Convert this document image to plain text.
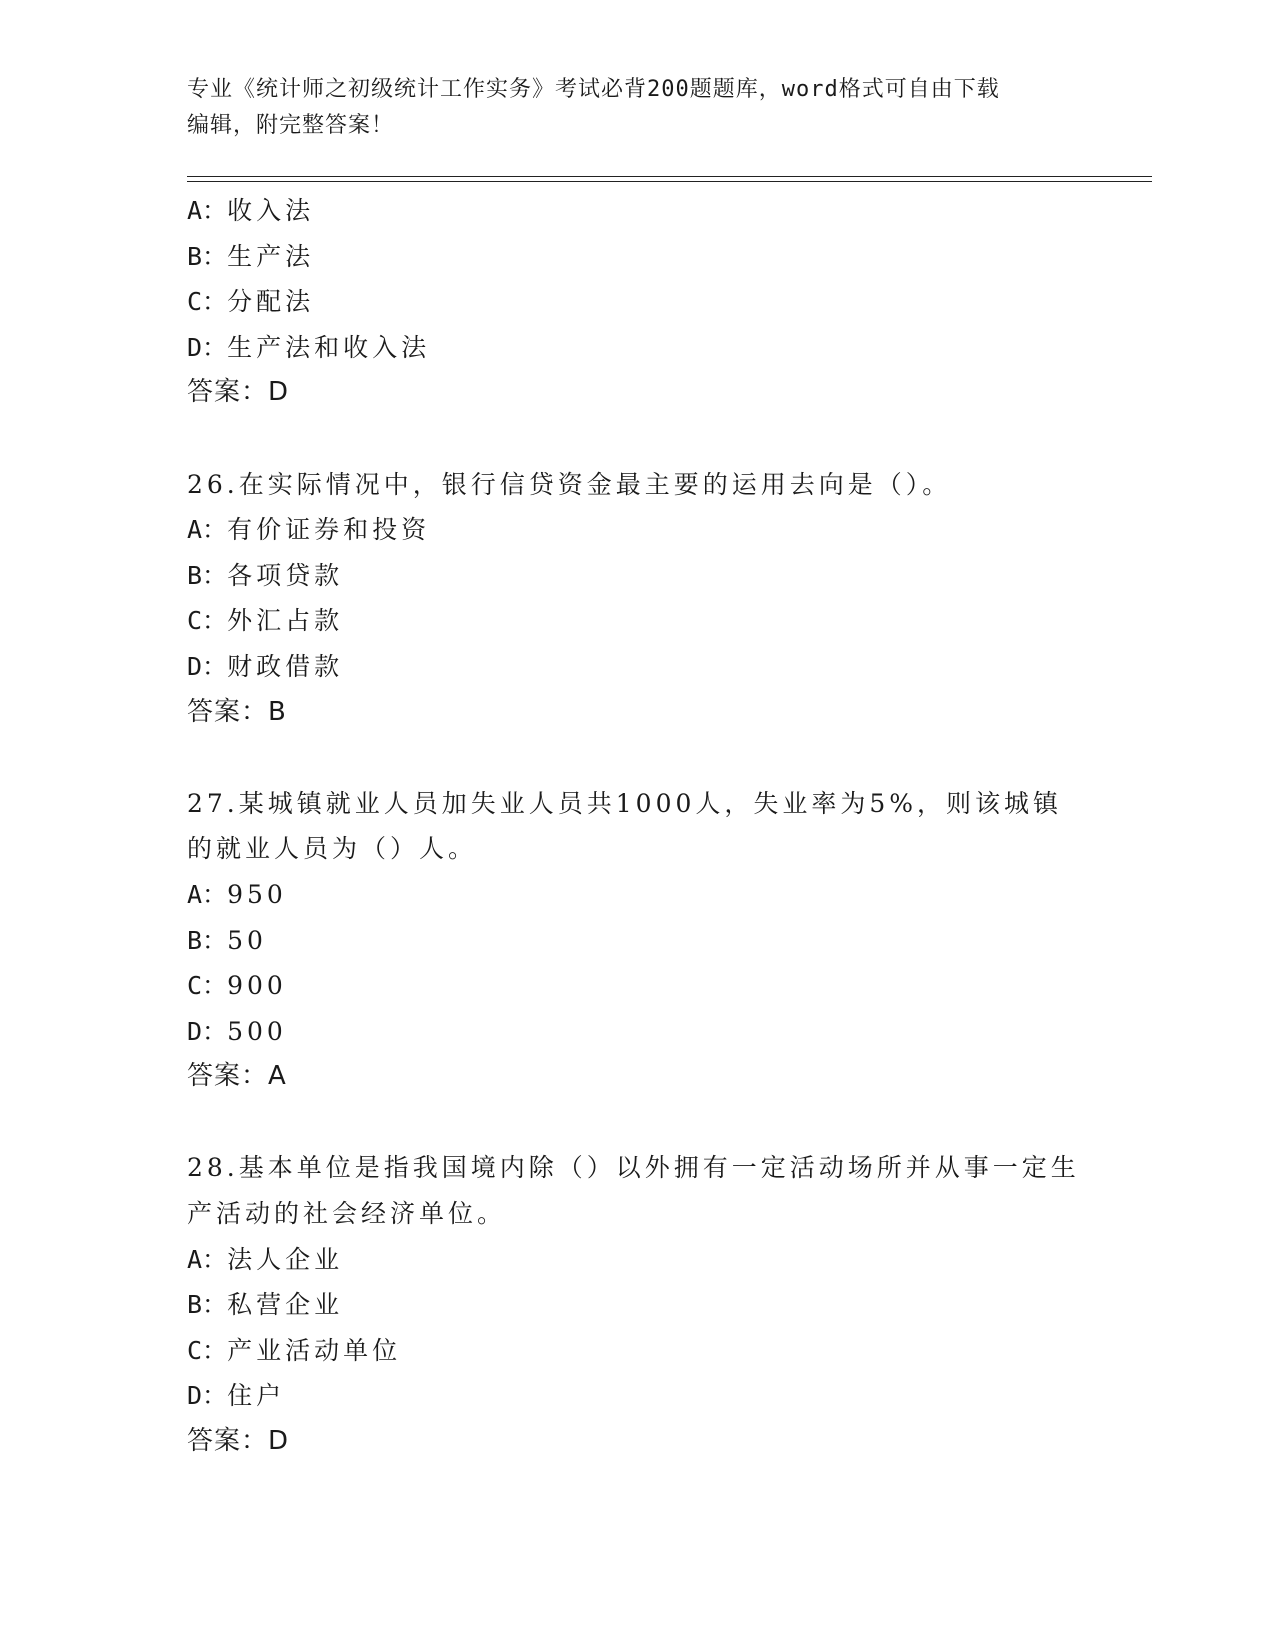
专业《统计师之初级统计工作实务》考试必背200题题库，word格式可自由下载
编辑，附完整答案！
A：收入法
B：生产法
C：分配法
D：生产法和收入法
答案：D
26.在实际情况中，银行信贷资金最主要的运用去向是（）。
A：有价证券和投资
B：各项贷款
C：外汇占款
D：财政借款
答案：B
27.某城镇就业人员加失业人员共1000人，失业率为5%，则该城镇的就业人员为（）人。
A：950
B：50
C：900
D：500
答案：A
28.基本单位是指我国境内除（）以外拥有一定活动场所并从事一定生产活动的社会经济单位。
A：法人企业
B：私营企业
C：产业活动单位
D：住户
答案：D
